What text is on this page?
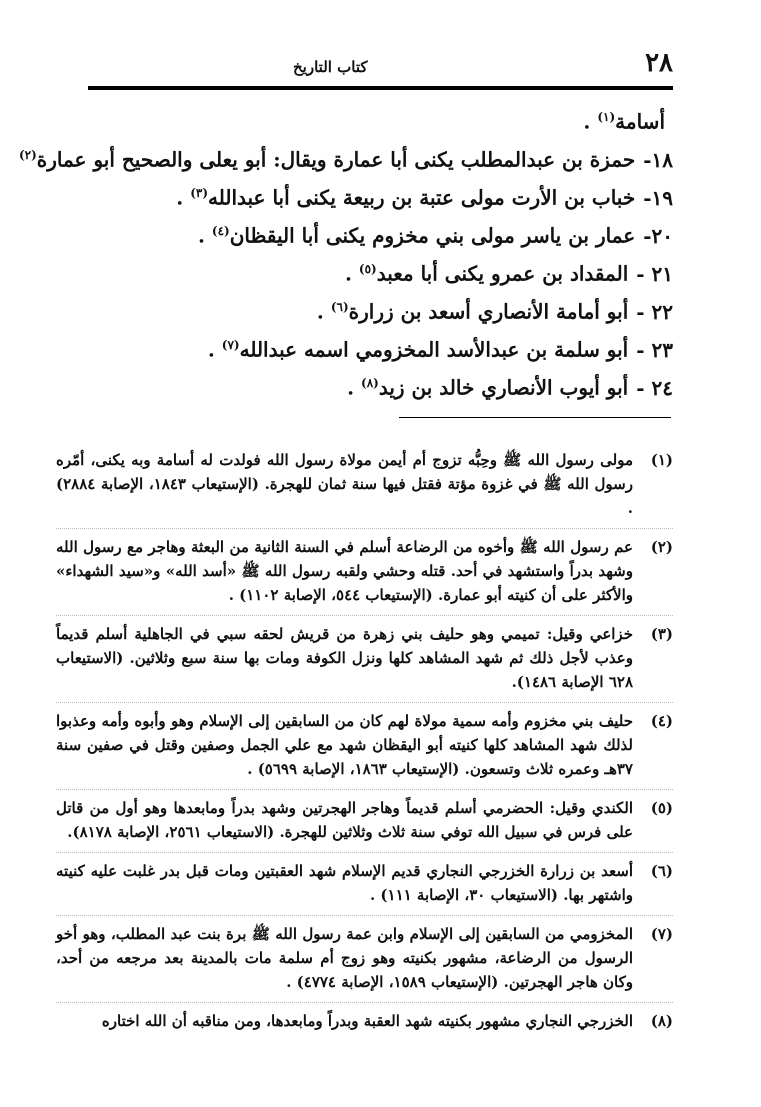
٢٨
كتاب التاريخ
أسامة$^{(١)}$ .
١٨-حمزة بن عبدالمطلب يكنى أبا عمارة ويقال: أبو يعلى والصحيح أبو عمارة$^{(٢)}$
١٩-خباب بن الأرت مولى عتبة بن ربيعة يكنى أبا عبدالله$^{(٣)}$ .
٢٠-عمار بن ياسر مولى بني مخزوم يكنى أبا اليقظان$^{(٤)}$ .
٢١ -المقداد بن عمرو يكنى أبا معبد$^{(٥)}$ .
٢٢ -أبو أمامة الأنصاري أسعد بن زرارة$^{(٦)}$ .
٢٣ -أبو سلمة بن عبدالأسد المخزومي اسمه عبدالله$^{(٧)}$ .
٢٤ -أبو أيوب الأنصاري خالد بن زيد$^{(٨)}$ .
(١)
مولى رسول الله ﷺ وحِبُّه تزوج أم أيمن مولاة رسول الله فولدت له أسامة وبه يكنى، أمّره رسول الله ﷺ في غزوة مؤتة فقتل فيها سنة ثمان للهجرة. (الإستيعاب ١٨٤٣، الإصابة ٢٨٨٤) .
(٢)
عم رسول الله ﷺ وأخوه من الرضاعة أسلم في السنة الثانية من البعثة وهاجر مع رسول الله وشهد بدراً واستشهد في أحد. قتله وحشي ولقبه رسول الله ﷺ «أسد الله» و«سيد الشهداء» والأكثر على أن كنيته أبو عمارة. (الإستيعاب ٥٤٤، الإصابة ١١٠٢) .
(٣)
خزاعي وقيل: تميمي وهو حليف بني زهرة من قريش لحقه سبي في الجاهلية أسلم قديماً وعذب لأجل ذلك ثم شهد المشاهد كلها ونزل الكوفة ومات بها سنة سبع وثلاثين. (الاستيعاب ٦٢٨ الإصابة ١٤٨٦).
(٤)
حليف بني مخزوم وأمه سمية مولاة لهم كان من السابقين إلى الإسلام وهو وأبوه وأمه وعذبوا لذلك شهد المشاهد كلها كنيته أبو اليقظان شهد مع علي الجمل وصفين وقتل في صفين سنة ٣٧هـ وعمره ثلاث وتسعون. (الإستيعاب ١٨٦٣، الإصابة ٥٦٩٩) .
(٥)
الكندي وقيل: الحضرمي أسلم قديماً وهاجر الهجرتين وشهد بدراً ومابعدها وهو أول من قاتل على فرس في سبيل الله توفي سنة ثلاث وثلاثين للهجرة. (الاستيعاب ٢٥٦١، الإصابة ٨١٧٨).
(٦)
أسعد بن زرارة الخزرجي النجاري قديم الإسلام شهد العقبتين ومات قبل بدر غلبت عليه كنيته واشتهر بها. (الاستيعاب ٣٠، الإصابة ١١١) .
(٧)
المخزومي من السابقين إلى الإسلام وابن عمة رسول الله ﷺ برة بنت عبد المطلب، وهو أخو الرسول من الرضاعة، مشهور بكنيته وهو زوج أم سلمة مات بالمدينة بعد مرجعه من أحد، وكان هاجر الهجرتين. (الإستيعاب ١٥٨٩، الإصابة ٤٧٧٤) .
(٨)
الخزرجي النجاري مشهور بكنيته شهد العقبة وبدراً ومابعدها، ومن مناقبه أن الله اختاره
